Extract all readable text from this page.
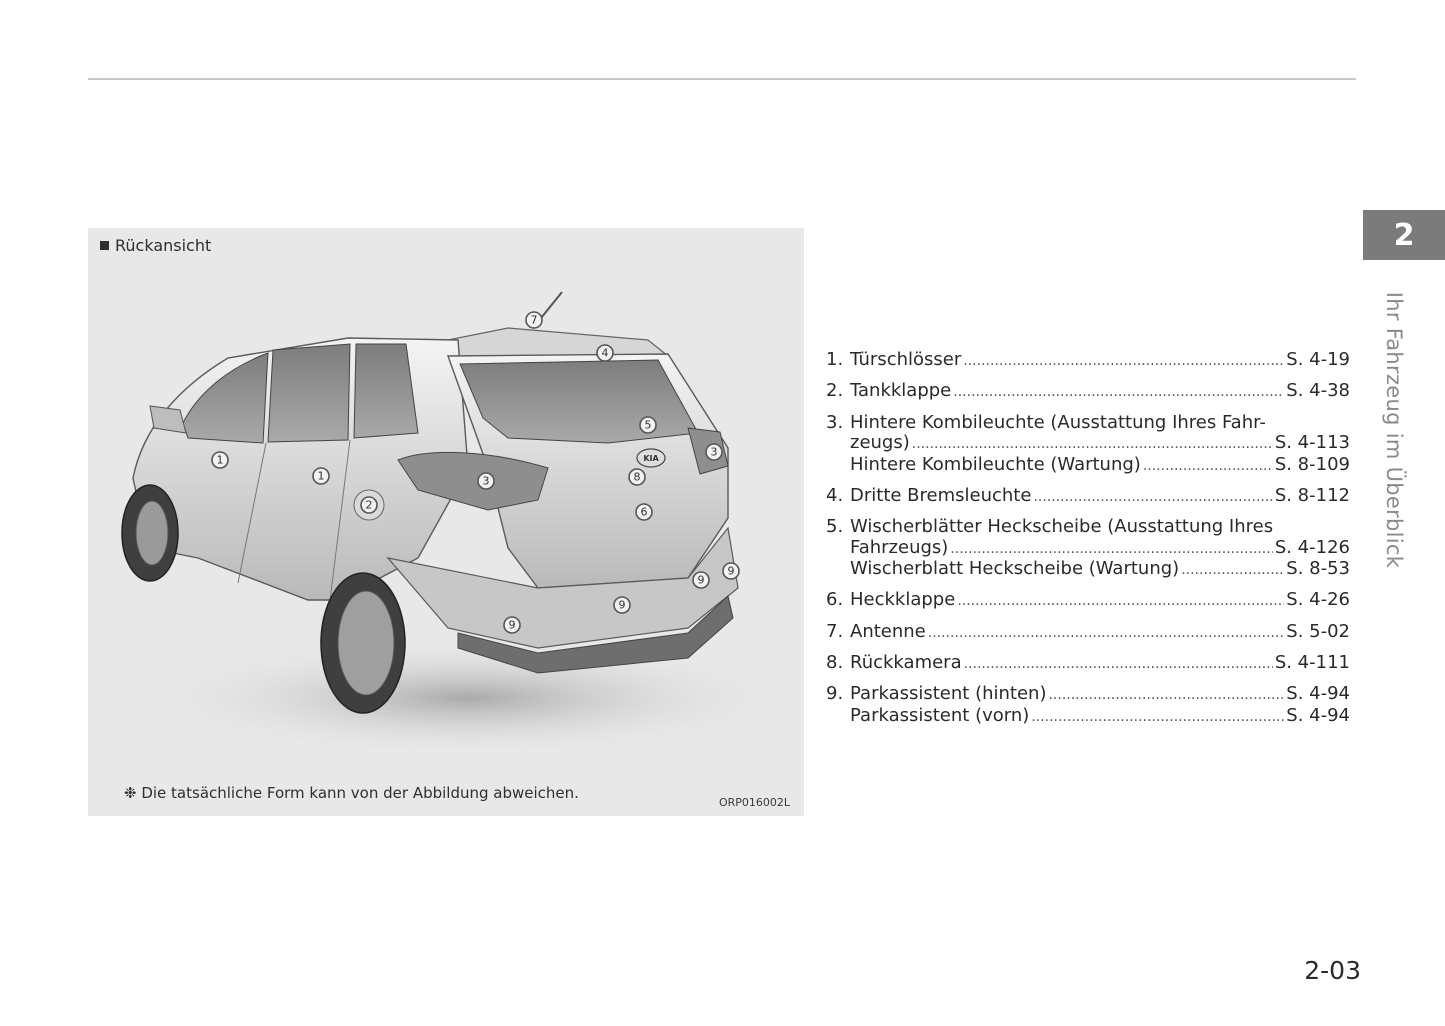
Rückansicht
KIA
7
4
5
3
3
1
1
2
8
6
9
9
9
9
❉ Die tatsächliche Form kann von der Abbildung abweichen.
ORP016002L
1. Türschlösser .....	S. 4-19
2. Tankklappe .....	S. 4-38
3. Hintere Kombileuchte (Ausstattung Ihres Fahr-
zeugs) .....	S. 4-113
Hintere Kombileuchte (Wartung) .....	S. 8-109
4. Dritte Bremsleuchte .....	S. 8-112
5. Wischerblätter Heckscheibe (Ausstattung Ihres
Fahrzeugs) .....	S. 4-126
Wischerblatt Heckscheibe (Wartung) .....	S. 8-53
6. Heckklappe .....	S. 4-26
7. Antenne .....	S. 5-02
8. Rückkamera .....	S. 4-111
9. Parkassistent (hinten) .....	S. 4-94
Parkassistent (vorn) .....	S. 4-94
2
Ihr Fahrzeug im Überblick
2-03
